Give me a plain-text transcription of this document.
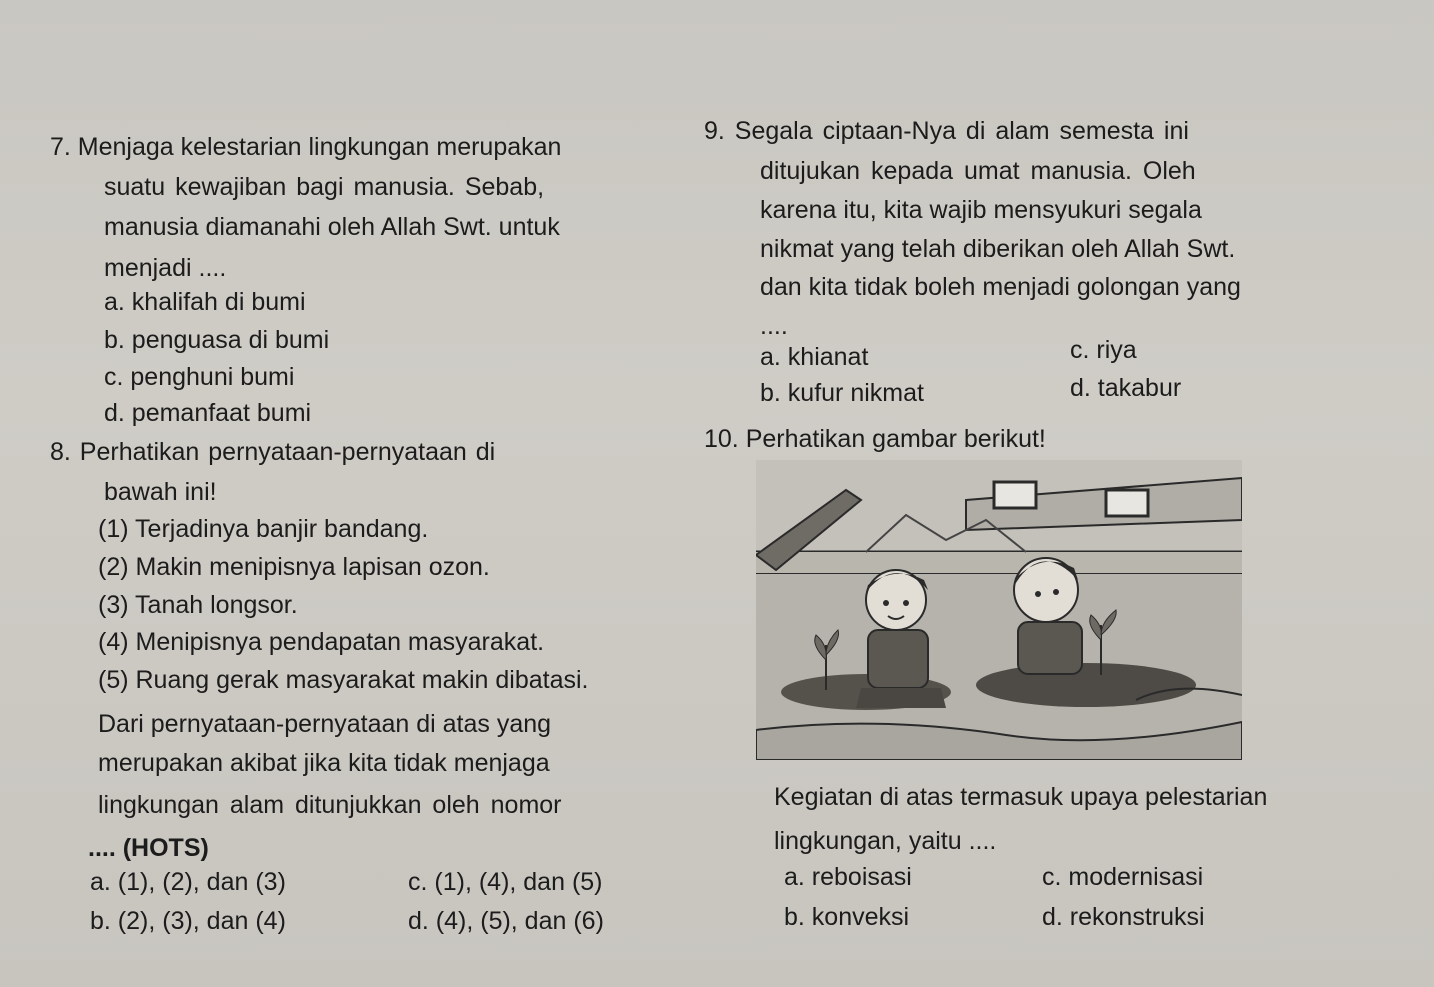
7. Menjaga kelestarian lingkungan merupakan
suatu kewajiban bagi manusia. Sebab,
manusia diamanahi oleh Allah Swt. untuk
menjadi ....
a. khalifah di bumi
b. penguasa di bumi
c. penghuni bumi
d. pemanfaat bumi
8. Perhatikan pernyataan-pernyataan di
bawah ini!
(1) Terjadinya banjir bandang.
(2) Makin menipisnya lapisan ozon.
(3) Tanah longsor.
(4) Menipisnya pendapatan masyarakat.
(5) Ruang gerak masyarakat makin dibatasi.
Dari pernyataan-pernyataan di atas yang
merupakan akibat jika kita tidak menjaga
lingkungan alam ditunjukkan oleh nomor
.... (HOTS)
a. (1), (2), dan (3)
b. (2), (3), dan (4)
c. (1), (4), dan (5)
d. (4), (5), dan (6)
9. Segala ciptaan-Nya di alam semesta ini
ditujukan kepada umat manusia. Oleh
karena itu, kita wajib mensyukuri segala
nikmat yang telah diberikan oleh Allah Swt.
dan kita tidak boleh menjadi golongan yang
....
a. khianat
b. kufur nikmat
c. riya
d. takabur
10. Perhatikan gambar berikut!
Kegiatan di atas termasuk upaya pelestarian
lingkungan, yaitu ....
a. reboisasi
b. konveksi
c. modernisasi
d. rekonstruksi
